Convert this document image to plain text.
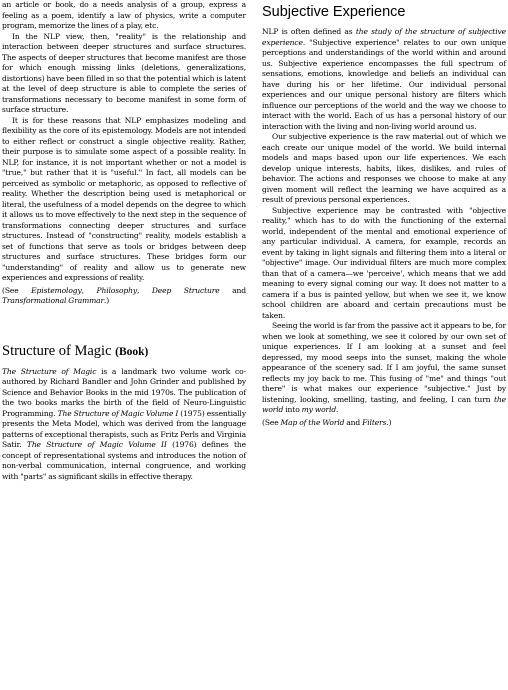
an article or book, do a needs analysis of a group, express a feeling as a poem, identify a law of physics, write a computer program, memorize the lines of a play, etc.

In the NLP view, then, "reality" is the relationship and interaction between deeper structures and surface structures. The aspects of deeper structures that become manifest are those for which enough missing links (deletions, generalizations, distortions) have been filled in so that the potential which is latent at the level of deep structure is able to complete the series of transformations necessary to become manifest in some form of surface structure.

It is for these reasons that NLP emphasizes modeling and flexibility as the core of its epistemology. Models are not intended to either reflect or construct a single objective reality. Rather, their purpose is to simulate some aspect of a possible reality. In NLP, for instance, it is not important whether or not a model is "true," but rather that it is "useful." In fact, all models can be perceived as symbolic or metaphoric, as opposed to reflective of reality. Whether the description being used is metaphorical or literal, the usefulness of a model depends on the degree to which it allows us to move effectively to the next step in the sequence of transformations connecting deeper structures and surface structures. Instead of "constructing" reality, models establish a set of functions that serve as tools or bridges between deep structures and surface structures. These bridges form our "understanding" of reality and allow us to generate new experiences and expressions of reality.

(See Epistemology, Philosophy, Deep Structure and Transformational Grammar.)

Structure of Magic (Book)

The Structure of Magic is a landmark two volume work co-authored by Richard Bandler and John Grinder and published by Science and Behavior Books in the mid 1970s. The publication of the two books marks the birth of the field of Neuro-Linguistic Programming. The Structure of Magic Volume I (1975) essentially presents the Meta Model, which was derived from the language patterns of exceptional therapists, such as Fritz Perls and Virginia Satir. The Structure of Magic Volume II (1976) defines the concept of representational systems and introduces the notion of non-verbal communication, internal congruence, and working with "parts" as significant skills in effective therapy.

Subjective Experience

NLP is often defined as the study of the structure of subjective experience. "Subjective experience" relates to our own unique perceptions and understandings of the world within and around us. Subjective experience encompasses the full spectrum of sensations, emotions, knowledge and beliefs an individual can have during his or her lifetime. Our individual personal experiences and our unique personal history are filters which influence our perceptions of the world and the way we choose to interact with the world. Each of us has a personal history of our interaction with the living and non-living world around us.

Our subjective experience is the raw material out of which we each create our unique model of the world. We build internal models and maps based upon our life experiences. We each develop unique interests, habits, likes, dislikes, and rules of behavior. The actions and responses we choose to make at any given moment will reflect the learning we have acquired as a result of previous personal experiences.

Subjective experience may be contrasted with "objective reality," which has to do with the functioning of the external world, independent of the mental and emotional experience of any particular individual. A camera, for example, records an event by taking in light signals and filtering them into a literal or "objective" image. Our individual filters are much more complex than that of a camera—we 'perceive', which means that we add meaning to every signal coming our way. It does not matter to a camera if a bus is painted yellow, but when we see it, we know school children are aboard and certain precautions must be taken.

Seeing the world is far from the passive act it appears to be, for when we look at something, we see it colored by our own set of unique experiences. If I am looking at a sunset and feel depressed, my mood seeps into the sunset, making the whole appearance of the scenery sad. If I am joyful, the same sunset reflects my joy back to me. This fusing of "me" and things "out there" is what makes our experience "subjective." Just by listening, looking, smelling, tasting, and feeling, I can turn the world into my world.

(See Map of the World and Filters.)
